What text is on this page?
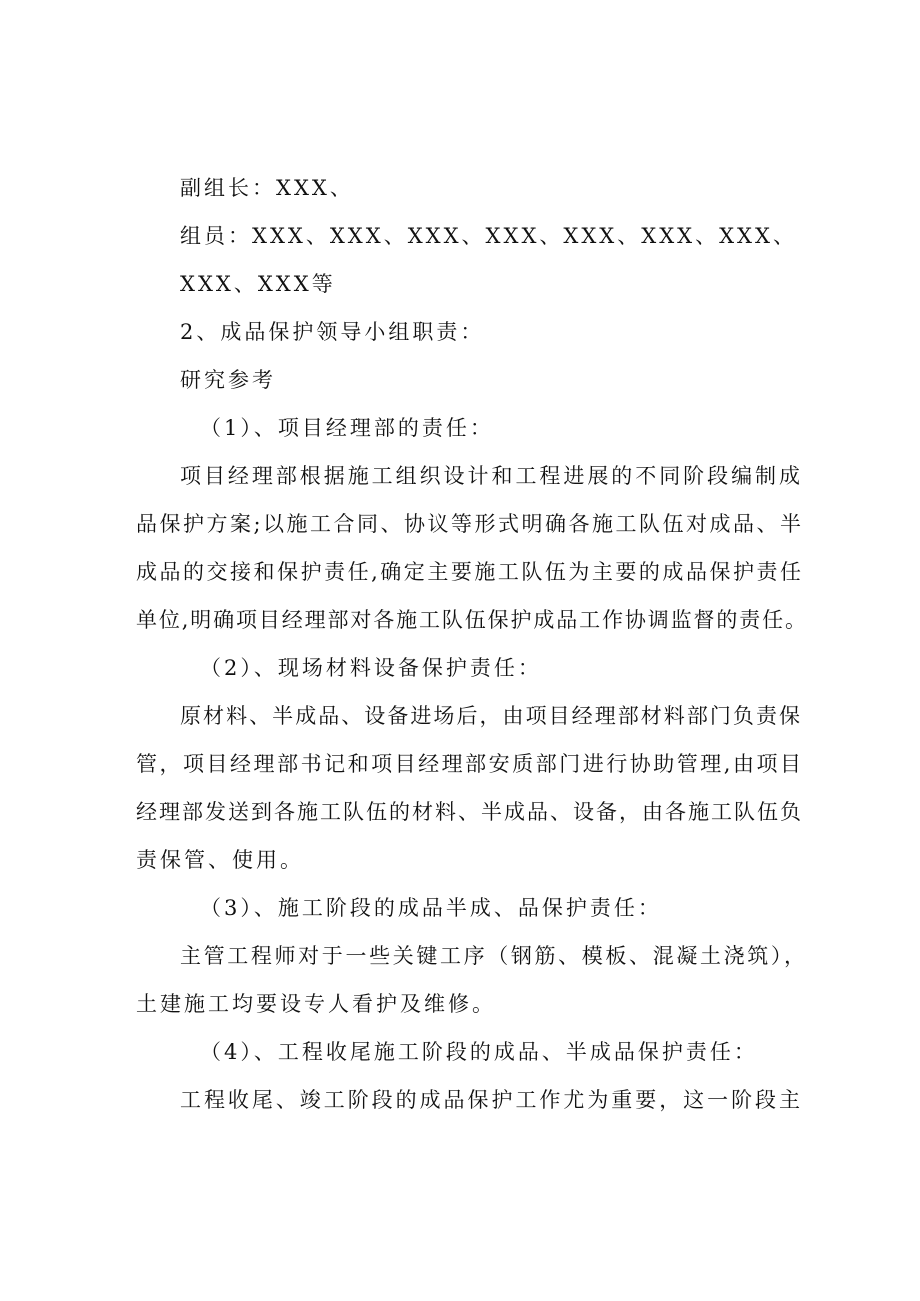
副组长：XXX、
组员：XXX、XXX、XXX、XXX、XXX、XXX、XXX、
XXX、XXX等
2、成品保护领导小组职责：
研究参考
（1）、项目经理部的责任：
项目经理部根据施工组织设计和工程进展的不同阶段编制成
品保护方案;以施工合同、协议等形式明确各施工队伍对成品、半
成品的交接和保护责任,确定主要施工队伍为主要的成品保护责任
单位,明确项目经理部对各施工队伍保护成品工作协调监督的责任。
（2）、现场材料设备保护责任：
原材料、半成品、设备进场后，由项目经理部材料部门负责保
管，项目经理部书记和项目经理部安质部门进行协助管理,由项目
经理部发送到各施工队伍的材料、半成品、设备，由各施工队伍负
责保管、使用。
（3）、施工阶段的成品半成、品保护责任：
主管工程师对于一些关键工序（钢筋、模板、混凝土浇筑），
土建施工均要设专人看护及维修。
（4）、工程收尾施工阶段的成品、半成品保护责任：
工程收尾、竣工阶段的成品保护工作尤为重要，这一阶段主
